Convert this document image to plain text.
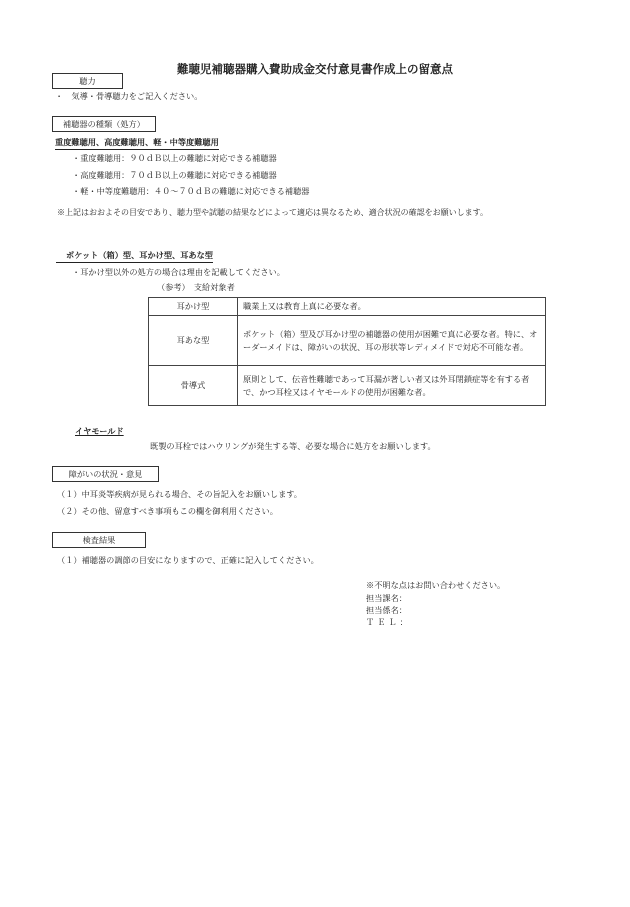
難聴児補聴器購入費助成金交付意見書作成上の留意点
聴力
・　気導・骨導聴力をご記入ください。
補聴器の種類（処方）
重度難聴用、高度難聴用、軽・中等度難聴用
・重度難聴用：９０ｄＢ以上の難聴に対応できる補聴器
・高度難聴用：７０ｄＢ以上の難聴に対応できる補聴器
・軽・中等度難聴用：４０～７０ｄＢの難聴に対応できる補聴器
※上記はおおよその目安であり、聴力型や試聴の結果などによって適応は異なるため、適合状況の確認をお願いします。
ポケット（箱）型、耳かけ型、耳あな型
・耳かけ型以外の処方の場合は理由を記載してください。
（参考）　支給対象者
耳かけ型	職業上又は教育上真に必要な者。
耳あな型	ポケット（箱）型及び耳かけ型の補聴器の使用が困難で真に必要な者。特に、オーダーメイドは、障がいの状況、耳の形状等レディメイドで対応不可能な者。
骨導式	原則として、伝音性難聴であって耳漏が著しい者又は外耳閉鎖症等を有する者で、かつ耳栓又はイヤモールドの使用が困難な者。
イヤモールド
既製の耳栓ではハウリングが発生する等、必要な場合に処方をお願いします。
障がいの状況・意見
（１）中耳炎等疾病が見られる場合、その旨記入をお願いします。
（２）その他、留意すべき事項もこの欄を御利用ください。
検査結果
（１）補聴器の調節の目安になりますので、正確に記入してください。
※不明な点はお問い合わせください。
担当課名：
担当係名：
ＴＥＬ：
